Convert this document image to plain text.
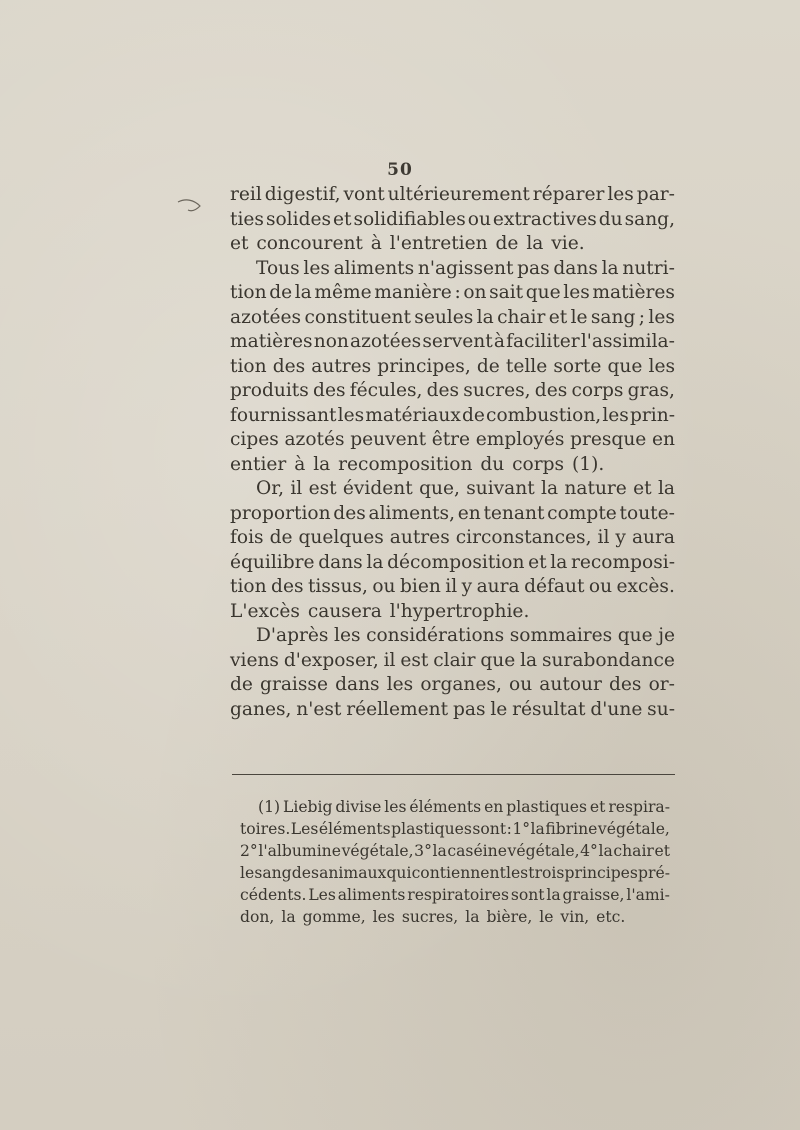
50
reil digestif, vont ultérieurement réparer les par-
ties solides et solidifiables ou extractives du sang,
et concourent à l'entretien de la vie.
Tous les aliments n'agissent pas dans la nutri-
tion de la même manière : on sait que les matières
azotées constituent seules la chair et le sang ; les
matières non azotées servent à faciliter l'assimila-
tion des autres principes, de telle sorte que les
produits des fécules, des sucres, des corps gras,
fournissant les matériaux de combustion, les prin-
cipes azotés peuvent être employés presque en
entier à la recomposition du corps (1).
Or, il est évident que, suivant la nature et la
proportion des aliments, en tenant compte toute-
fois de quelques autres circonstances, il y aura
équilibre dans la décomposition et la recomposi-
tion des tissus, ou bien il y aura défaut ou excès.
L'excès causera l'hypertrophie.
D'après les considérations sommaires que je
viens d'exposer, il est clair que la surabondance
de graisse dans les organes, ou autour des or-
ganes, n'est réellement pas le résultat d'une su-
(1) Liebig divise les éléments en plastiques et respira-
toires. Les éléments plastiques sont : 1° la fibrine végétale,
2° l'albumine végétale, 3° la caséine végétale, 4° la chair et
le sang des animaux qui contiennent les trois principes pré-
cédents. Les aliments respiratoires sont la graisse, l'ami-
don, la gomme, les sucres, la bière, le vin, etc.
